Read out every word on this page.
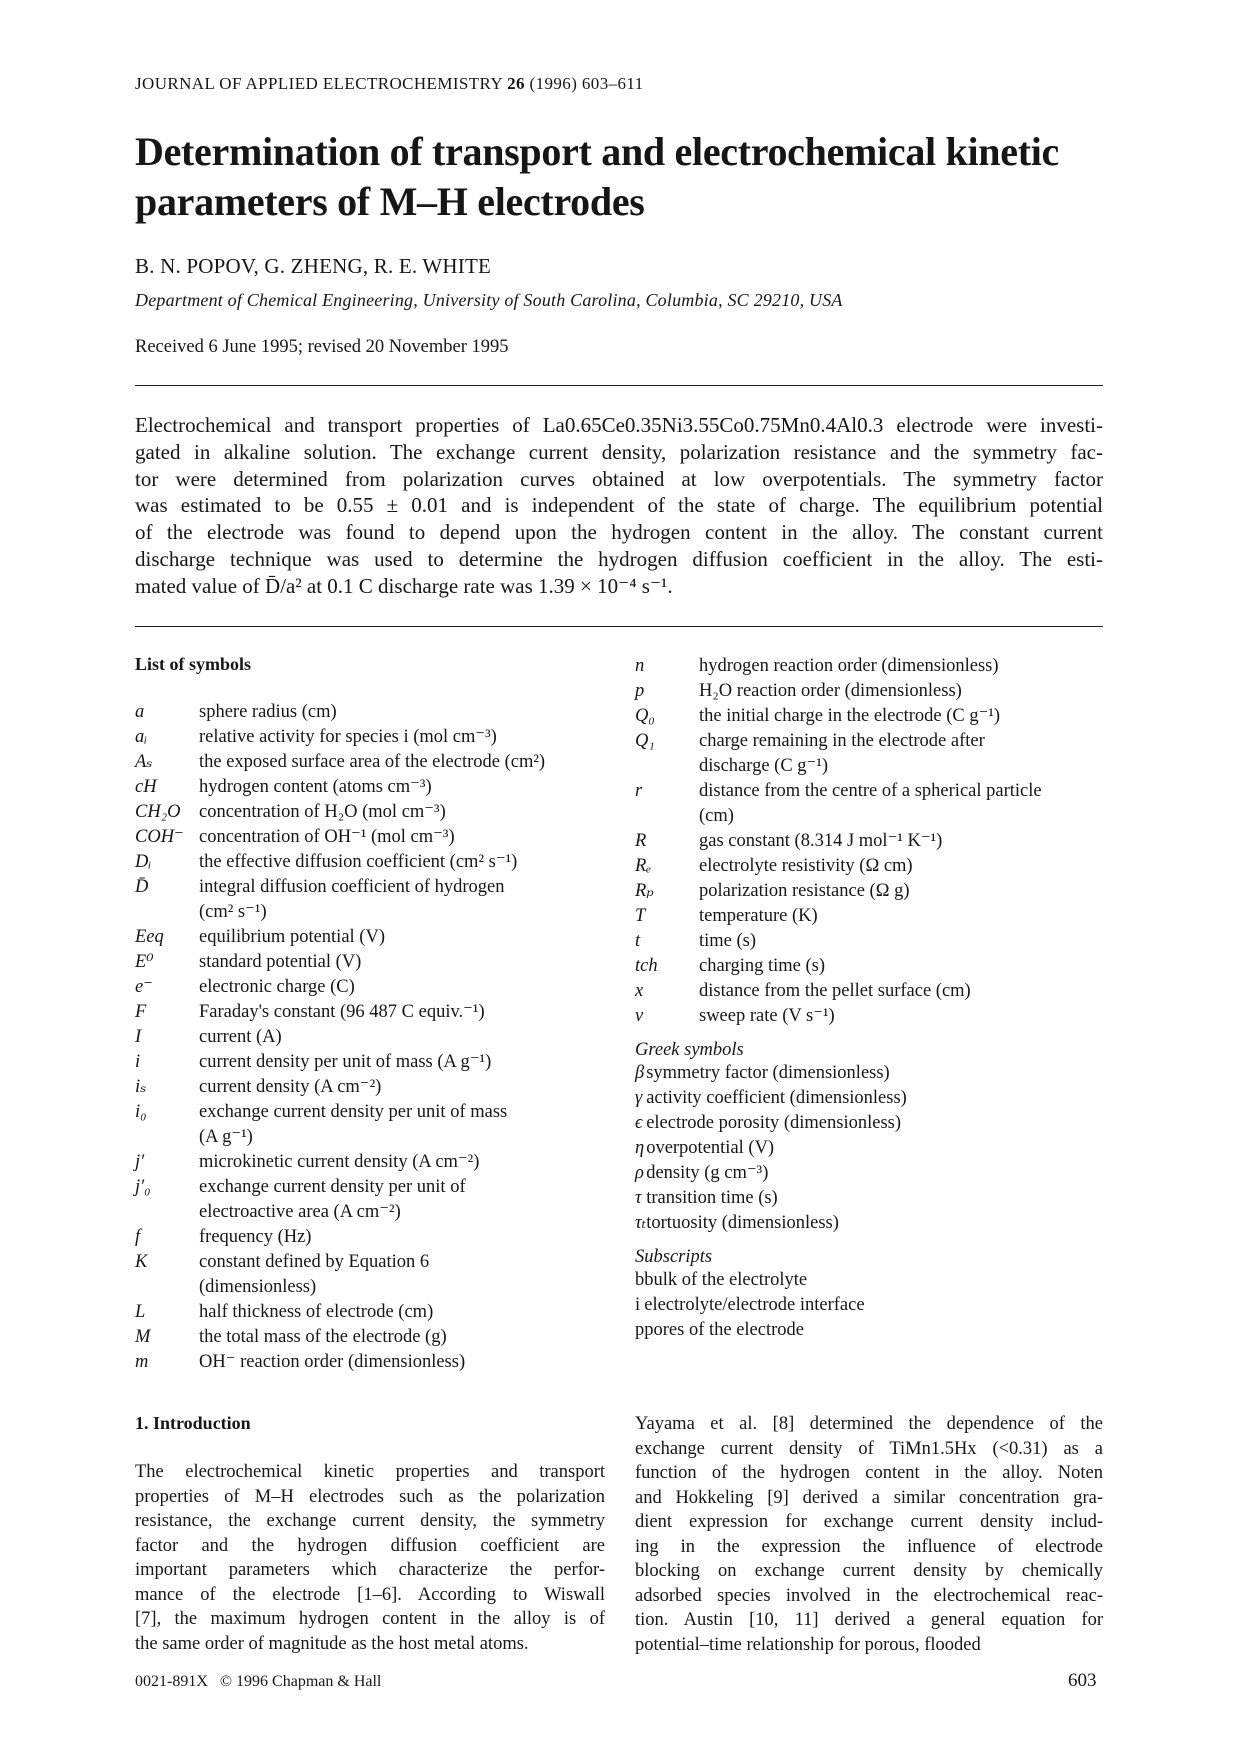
JOURNAL OF APPLIED ELECTROCHEMISTRY 26 (1996) 603–611
Determination of transport and electrochemical kinetic parameters of M–H electrodes
B. N. POPOV, G. ZHENG, R. E. WHITE
Department of Chemical Engineering, University of South Carolina, Columbia, SC 29210, USA
Received 6 June 1995; revised 20 November 1995
Electrochemical and transport properties of La0.65Ce0.35Ni3.55Co0.75Mn0.4Al0.3 electrode were investi-
gated in alkaline solution. The exchange current density, polarization resistance and the symmetry fac-
tor were determined from polarization curves obtained at low overpotentials. The symmetry factor
was estimated to be 0.55 ± 0.01 and is independent of the state of charge. The equilibrium potential
of the electrode was found to depend upon the hydrogen content in the alloy. The constant current
discharge technique was used to determine the hydrogen diffusion coefficient in the alloy. The esti-
mated value of D̄/a² at 0.1 C discharge rate was 1.39 × 10⁻⁴ s⁻¹.
List of symbols
a	sphere radius (cm)
aᵢ	relative activity for species i (mol cm⁻³)
Aₛ	the exposed surface area of the electrode (cm²)
cH	hydrogen content (atoms cm⁻³)
CH₂O	concentration of H₂O (mol cm⁻³)
COH⁻	concentration of OH⁻¹ (mol cm⁻³)
Dᵢ	the effective diffusion coefficient (cm² s⁻¹)
D̄	integral diffusion coefficient of hydrogen
	(cm² s⁻¹)
Eeq	equilibrium potential (V)
E⁰	standard potential (V)
e⁻	electronic charge (C)
F	Faraday's constant (96 487 C equiv.⁻¹)
I	current (A)
i	current density per unit of mass (A g⁻¹)
iₛ	current density (A cm⁻²)
i₀	exchange current density per unit of mass
	(A g⁻¹)
j′	microkinetic current density (A cm⁻²)
j′₀	exchange current density per unit of
	electroactive area (A cm⁻²)
f	frequency (Hz)
K	constant defined by Equation 6
	(dimensionless)
L	half thickness of electrode (cm)
M	the total mass of the electrode (g)
m	OH⁻ reaction order (dimensionless)
n	hydrogen reaction order (dimensionless)
p	H₂O reaction order (dimensionless)
Q₀	the initial charge in the electrode (C g⁻¹)
Q₁	charge remaining in the electrode after
	discharge (C g⁻¹)
r	distance from the centre of a spherical particle
	(cm)
R	gas constant (8.314 J mol⁻¹ K⁻¹)
Rₑ	electrolyte resistivity (Ω cm)
Rₚ	polarization resistance (Ω g)
T	temperature (K)
t	time (s)
tch	charging time (s)
x	distance from the pellet surface (cm)
v	sweep rate (V s⁻¹)
Greek symbols
β	symmetry factor (dimensionless)
γ	activity coefficient (dimensionless)
ϵ	electrode porosity (dimensionless)
η	overpotential (V)
ρ	density (g cm⁻³)
τ	transition time (s)
τₜ	tortuosity (dimensionless)
Subscripts
b	bulk of the electrolyte
i	electrolyte/electrode interface
p	pores of the electrode
1. Introduction
The electrochemical kinetic properties and transport
properties of M–H electrodes such as the polarization
resistance, the exchange current density, the symmetry
factor and the hydrogen diffusion coefficient are
important parameters which characterize the perfor-
mance of the electrode [1–6]. According to Wiswall
[7], the maximum hydrogen content in the alloy is of
the same order of magnitude as the host metal atoms.
Yayama et al. [8] determined the dependence of the
exchange current density of TiMn1.5Hx (<0.31) as a
function of the hydrogen content in the alloy. Noten
and Hokkeling [9] derived a similar concentration gra-
dient expression for exchange current density includ-
ing in the expression the influence of electrode
blocking on exchange current density by chemically
adsorbed species involved in the electrochemical reac-
tion. Austin [10, 11] derived a general equation for
potential–time relationship for porous, flooded
0021-891X © 1996 Chapman & Hall	603
